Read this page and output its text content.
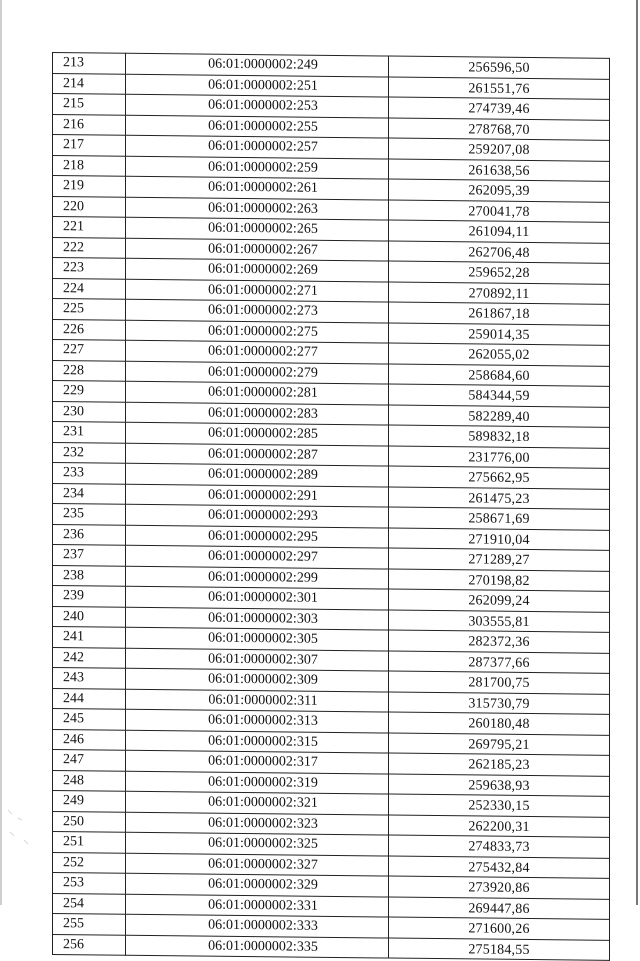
213	06:01:0000002:249	256596,50
214	06:01:0000002:251	261551,76
215	06:01:0000002:253	274739,46
216	06:01:0000002:255	278768,70
217	06:01:0000002:257	259207,08
218	06:01:0000002:259	261638,56
219	06:01:0000002:261	262095,39
220	06:01:0000002:263	270041,78
221	06:01:0000002:265	261094,11
222	06:01:0000002:267	262706,48
223	06:01:0000002:269	259652,28
224	06:01:0000002:271	270892,11
225	06:01:0000002:273	261867,18
226	06:01:0000002:275	259014,35
227	06:01:0000002:277	262055,02
228	06:01:0000002:279	258684,60
229	06:01:0000002:281	584344,59
230	06:01:0000002:283	582289,40
231	06:01:0000002:285	589832,18
232	06:01:0000002:287	231776,00
233	06:01:0000002:289	275662,95
234	06:01:0000002:291	261475,23
235	06:01:0000002:293	258671,69
236	06:01:0000002:295	271910,04
237	06:01:0000002:297	271289,27
238	06:01:0000002:299	270198,82
239	06:01:0000002:301	262099,24
240	06:01:0000002:303	303555,81
241	06:01:0000002:305	282372,36
242	06:01:0000002:307	287377,66
243	06:01:0000002:309	281700,75
244	06:01:0000002:311	315730,79
245	06:01:0000002:313	260180,48
246	06:01:0000002:315	269795,21
247	06:01:0000002:317	262185,23
248	06:01:0000002:319	259638,93
249	06:01:0000002:321	252330,15
250	06:01:0000002:323	262200,31
251	06:01:0000002:325	274833,73
252	06:01:0000002:327	275432,84
253	06:01:0000002:329	273920,86
254	06:01:0000002:331	269447,86
255	06:01:0000002:333	271600,26
256	06:01:0000002:335	275184,55
